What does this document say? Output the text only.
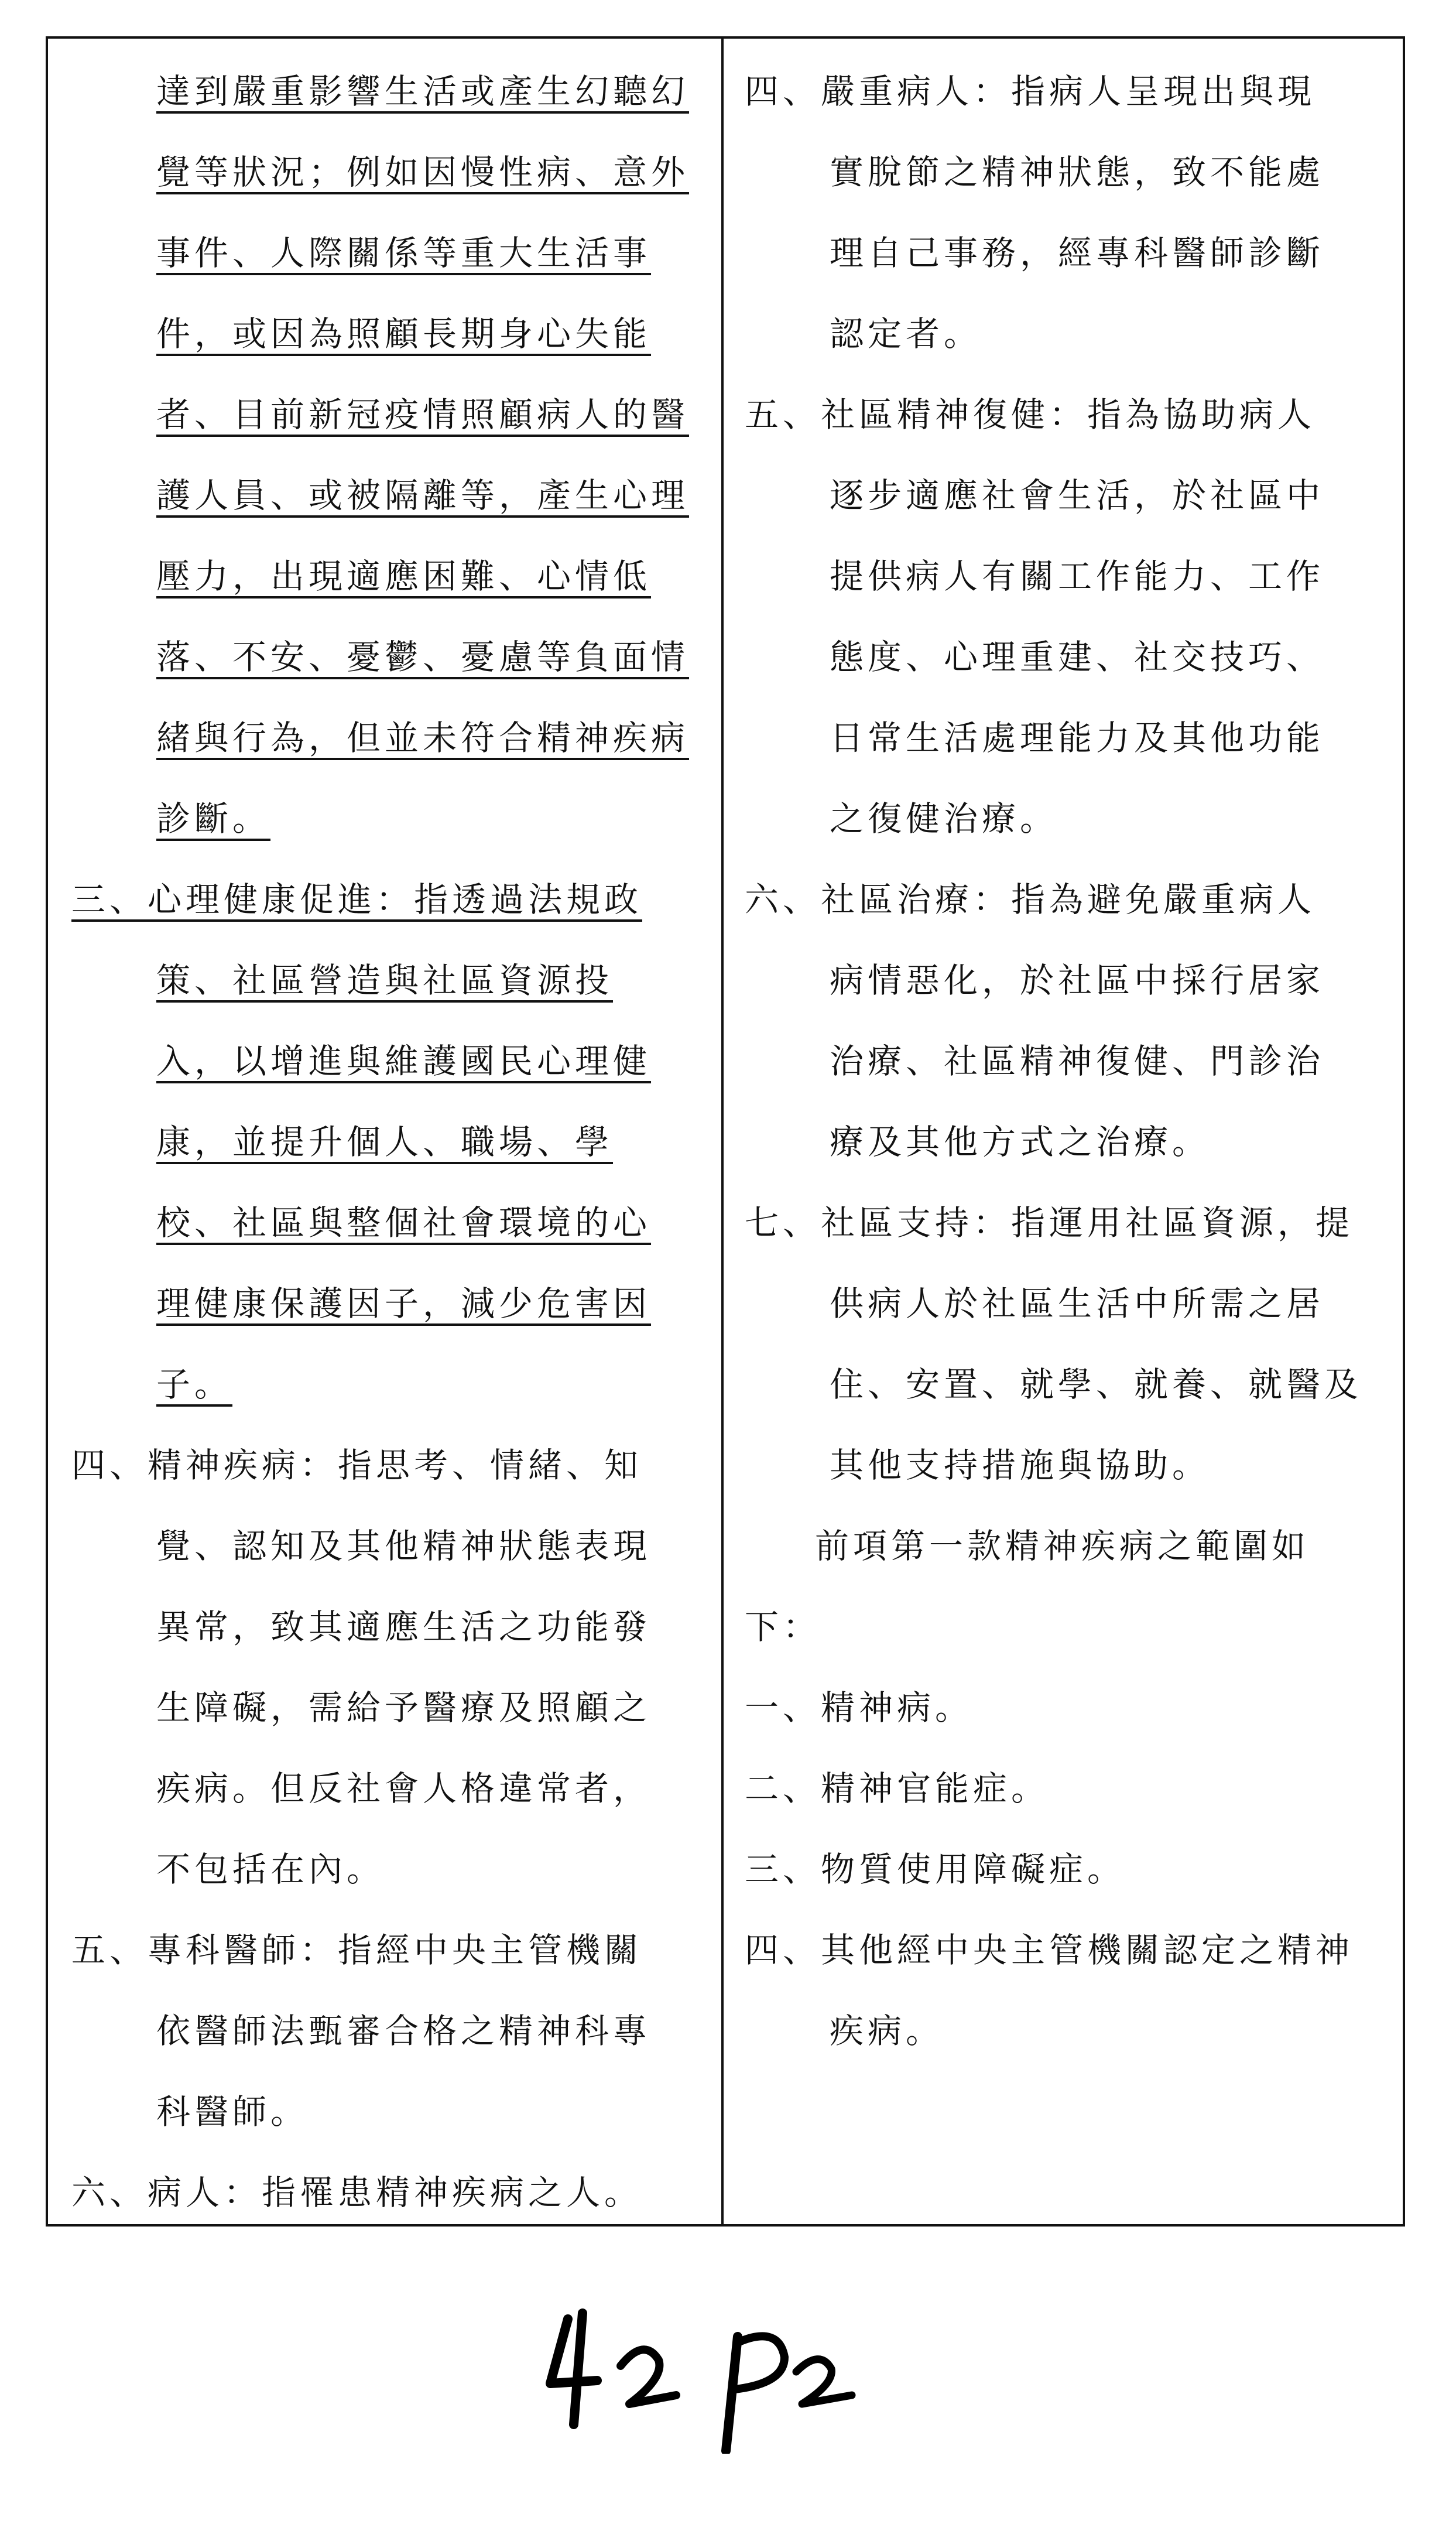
達到嚴重影響生活或產生幻聽幻
覺等狀況；例如因慢性病、意外
事件、人際關係等重大生活事
件，或因為照顧長期身心失能
者、目前新冠疫情照顧病人的醫
護人員、或被隔離等，產生心理
壓力，出現適應困難、心情低
落、不安、憂鬱、憂慮等負面情
緒與行為，但並未符合精神疾病
診斷。
三、心理健康促進：指透過法規政
策、社區營造與社區資源投
入，以增進與維護國民心理健
康，並提升個人、職場、學
校、社區與整個社會環境的心
理健康保護因子，減少危害因
子。
四、精神疾病：指思考、情緒、知
覺、認知及其他精神狀態表現
異常，致其適應生活之功能發
生障礙，需給予醫療及照顧之
疾病。但反社會人格違常者，
不包括在內。
五、專科醫師：指經中央主管機關
依醫師法甄審合格之精神科專
科醫師。
六、病人：指罹患精神疾病之人。
四、嚴重病人：指病人呈現出與現
實脫節之精神狀態，致不能處
理自己事務，經專科醫師診斷
認定者。
五、社區精神復健：指為協助病人
逐步適應社會生活，於社區中
提供病人有關工作能力、工作
態度、心理重建、社交技巧、
日常生活處理能力及其他功能
之復健治療。
六、社區治療：指為避免嚴重病人
病情惡化，於社區中採行居家
治療、社區精神復健、門診治
療及其他方式之治療。
七、社區支持：指運用社區資源，提
供病人於社區生活中所需之居
住、安置、就學、就養、就醫及
其他支持措施與協助。
前項第一款精神疾病之範圍如
下：
一、精神病。
二、精神官能症。
三、物質使用障礙症。
四、其他經中央主管機關認定之精神
疾病。
